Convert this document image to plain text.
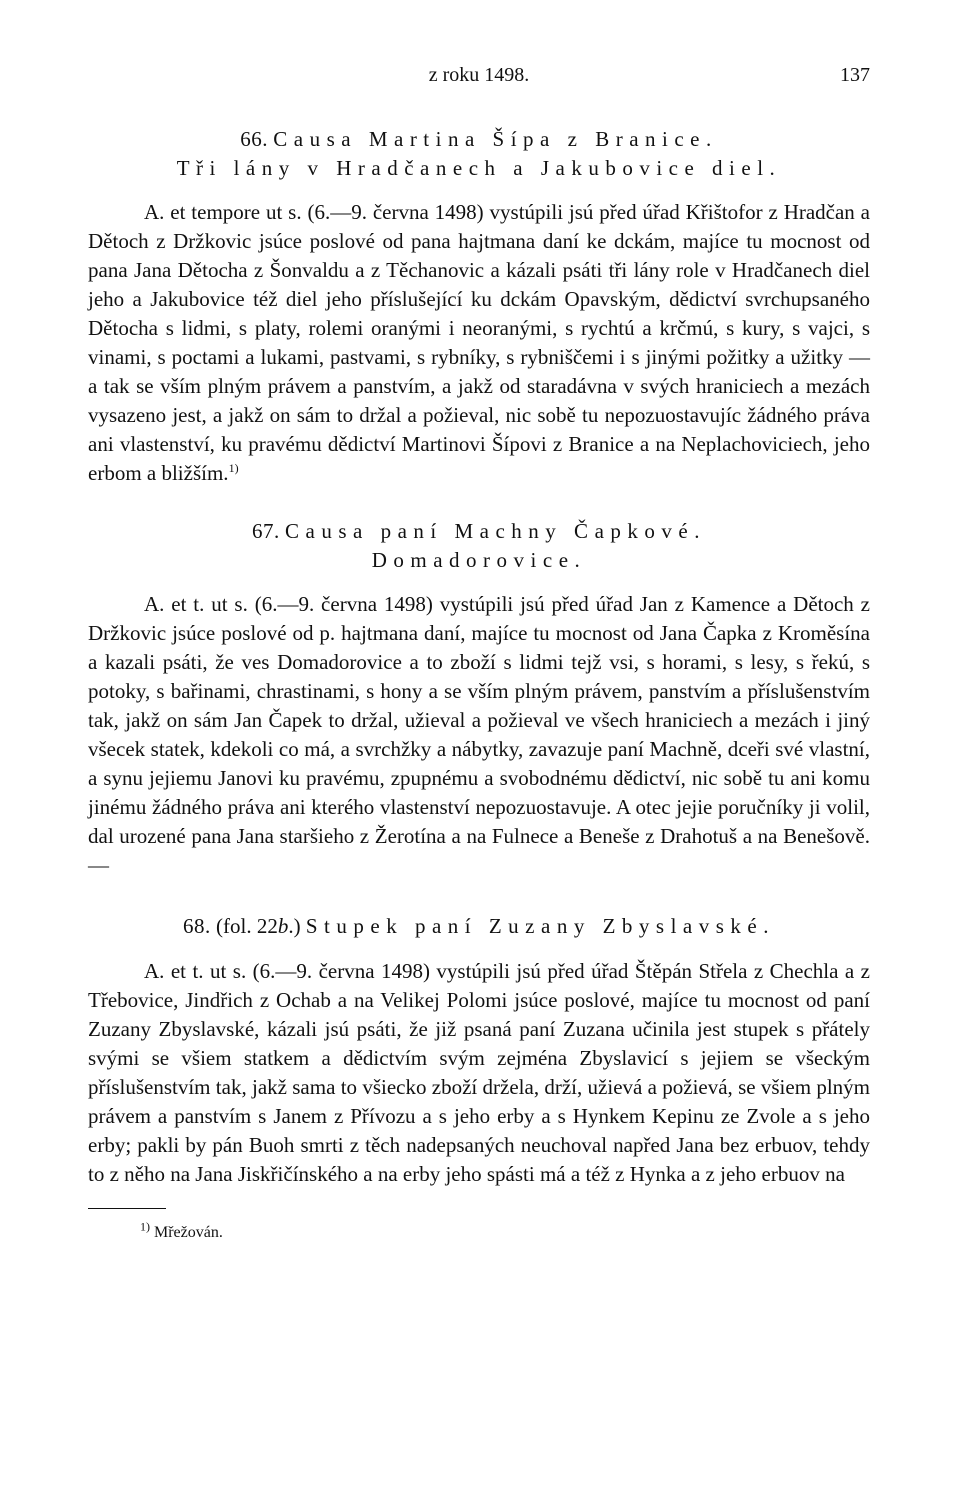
z roku 1498.	137
66. Causa Martina Šípa z Branice.
Tři lány v Hradčanech a Jakubovice diel.

A. et tempore ut s. (6.—9. června 1498) vystúpili jsú před úřad Křištofor z Hradčan a Dětoch z Držkovic jsúce poslové od pana hajtmana daní ke dckám, majíce tu mocnost od pana Jana Dětocha z Šonvaldu a z Těchanovic a kázali psáti tři lány role v Hradčanech diel jeho a Jakubovice též diel jeho příslušející ku dckám Opavským, dědictví svrchupsaného Dětocha s lidmi, s platy, rolemi oranými i neoranými, s rychtú a krčmú, s kury, s vajci, s vinami, s poctami a lukami, pastvami, s rybníky, s rybniščemi i s jinými požitky a užitky — a tak se vším plným právem a panstvím, a jakž od staradávna v svých hraniciech a mezách vysazeno jest, a jakž on sám to držal a požieval, nic sobě tu nepozuostavujíc žádného práva ani vlastenství, ku pravému dědictví Martinovi Šípovi z Branice a na Neplachoviciech, jeho erbom a bližším.$^{1)}$

67. Causa paní Machny Čapkové.
Domadorovice.

A. et t. ut s. (6.—9. června 1498) vystúpili jsú před úřad Jan z Kamence a Dětoch z Držkovic jsúce poslové od p. hajtmana daní, majíce tu mocnost od Jana Čapka z Kroměsína a kazali psáti, že ves Domadorovice a to zboží s lidmi tejž vsi, s horami, s lesy, s řekú, s potoky, s bařinami, chrastinami, s hony a se vším plným právem, panstvím a příslušenstvím tak, jakž on sám Jan Čapek to držal, užieval a požieval ve všech hraniciech a mezách i jiný všecek statek, kdekoli co má, a svrchžky a nábytky, zavazuje paní Machně, dceři své vlastní, a synu jejiemu Janovi ku pravému, zpupnému a svobodnému dědictví, nic sobě tu ani komu jinému žádného práva ani kterého vlastenství nepozuostavuje. A otec jejie poručníky ji volil, dal urozené pana Jana staršieho z Žerotína a na Fulnece a Beneše z Drahotuš a na Benešově. —

68. (fol. 22b.) Stupek paní Zuzany Zbyslavské.

A. et t. ut s. (6.—9. června 1498) vystúpili jsú před úřad Štěpán Střela z Chechla a z Třebovice, Jindřich z Ochab a na Velikej Polomi jsúce poslové, majíce tu mocnost od paní Zuzany Zbyslavské, kázali jsú psáti, že již psaná paní Zuzana učinila jest stupek s přátely svými se všiem statkem a dědictvím svým zejména Zbyslavicí s jejiem se všeckým příslušenstvím tak, jakž sama to všiecko zboží držela, drží, užievá a požievá, se všiem plným právem a panstvím s Janem z Přívozu a s jeho erby a s Hynkem Kepinu ze Zvole a s jeho erby; pakli by pán Buoh smrti z těch nadepsaných neuchoval napřed Jana bez erbuov, tehdy to z něho na Jana Jiskřičínského a na erby jeho spásti má a též z Hynka a z jeho erbuov na

$^{1)}$ Mřežován.
